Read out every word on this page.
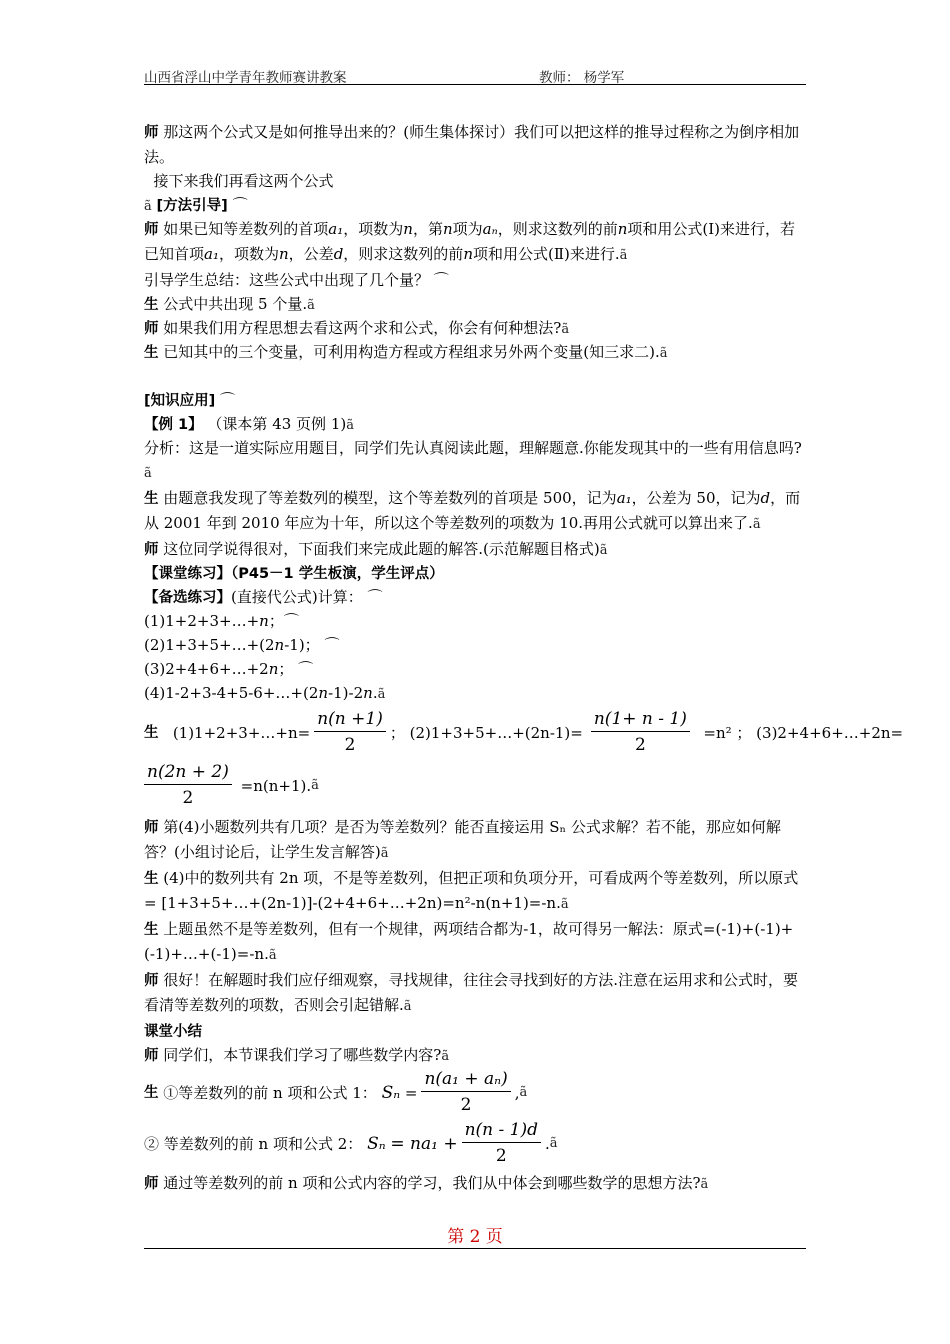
山西省浮山中学青年教师赛讲教案	教师： 杨学军
师 那这两个公式又是如何推导出来的？(师生集体探讨）我们可以把这样的推导过程称之为倒序相加法。
接下来我们再看这两个公式
ã [方法引导] ⌒
师 如果已知等差数列的首项a₁，项数为n，第n项为aₙ，则求这数列的前n项和用公式(I)来进行，若已知首项a₁，项数为n，公差d，则求这数列的前n项和用公式(Ⅱ)来进行.ã
引导学生总结：这些公式中出现了几个量？ ⌒
生 公式中共出现 5 个量.ã
师 如果我们用方程思想去看这两个求和公式，你会有何种想法?ã
生 已知其中的三个变量，可利用构造方程或方程组求另外两个变量(知三求二).ã
[知识应用] ⌒
【例 1】 （课本第 43 页例 1)ã
分析：这是一道实际应用题目，同学们先认真阅读此题，理解题意.你能发现其中的一些有用信息吗?ã
生 由题意我发现了等差数列的模型，这个等差数列的首项是 500，记为a₁，公差为 50，记为d，而从 2001 年到 2010 年应为十年，所以这个等差数列的项数为 10.再用公式就可以算出来了.ã
师 这位同学说得很对，下面我们来完成此题的解答.(示范解题目格式)ã
【课堂练习】（P45－1 学生板演，学生评点）
【备选练习】(直接代公式)计算： ⌒
(1)1+2+3+…+n；⌒
(2)1+3+5+…+(2n-1)； ⌒
(3)2+4+6+…+2n； ⌒
(4)1-2+3-4+5-6+…+(2n-1)-2n.ã
生
(1)1+2+3+…+n= $\frac{n(n +1)}{2}$ ； (2)1+3+5+…+(2n-1)= $\frac{n(1+ n - 1)}{2}$
=n² ； (3)2+4+6+…+2n=
$\frac{n(2n + 2)}{2}$
=n(n+1). ã
师 第(4)小题数列共有几项？是否为等差数列？能否直接运用 Sₙ 公式求解？若不能，那应如何解答？(小组讨论后，让学生发言解答)ã
生 (4)中的数列共有 2n 项，不是等差数列，但把正项和负项分开，可看成两个等差数列，所以原式= [1+3+5+…+(2n-1)]-(2+4+6+…+2n)=n²-n(n+1)=-n.ã
生 上题虽然不是等差数列，但有一个规律，两项结合都为-1，故可得另一解法：原式=(-1)+(-1)+(-1)+…+(-1)=-n.ã
师 很好！在解题时我们应仔细观察，寻找规律，往往会寻找到好的方法.注意在运用求和公式时，要看清等差数列的项数，否则会引起错解.ã
课堂小结
师 同学们，本节课我们学习了哪些数学内容?ã
生
①等差数列的前 n 项和公式 1：
$S_n = \frac{\text{n(a₁ + aₙ)}}{2}$ , ã
② 等差数列的前 n 项和公式 2：
Sₙ
= $na_1 + \frac{n(n - 1)d}{2}$ . ã
师 通过等差数列的前 n 项和公式内容的学习，我们从中体会到哪些数学的思想方法?ã
第 2 页
